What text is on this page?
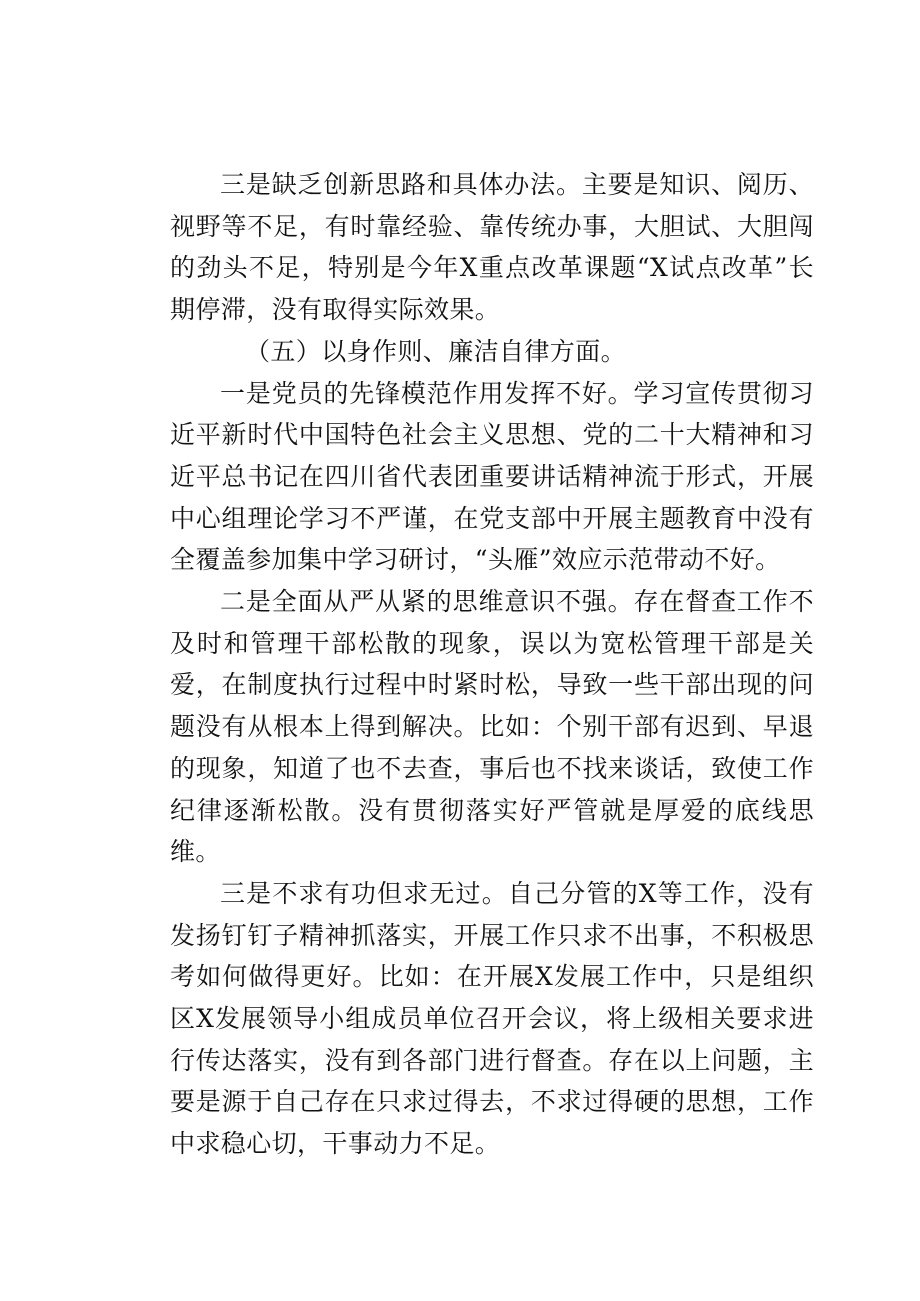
三是缺乏创新思路和具体办法。主要是知识、阅历、视野等不足，有时靠经验、靠传统办事，大胆试、大胆闯的劲头不足，特别是今年X重点改革课题“X试点改革”长期停滞，没有取得实际效果。

（五）以身作则、廉洁自律方面。

一是党员的先锋模范作用发挥不好。学习宣传贯彻习近平新时代中国特色社会主义思想、党的二十大精神和习近平总书记在四川省代表团重要讲话精神流于形式，开展中心组理论学习不严谨，在党支部中开展主题教育中没有全覆盖参加集中学习研讨，“头雁”效应示范带动不好。

二是全面从严从紧的思维意识不强。存在督查工作不及时和管理干部松散的现象，误以为宽松管理干部是关爱，在制度执行过程中时紧时松，导致一些干部出现的问题没有从根本上得到解决。比如：个别干部有迟到、早退的现象，知道了也不去查，事后也不找来谈话，致使工作纪律逐渐松散。没有贯彻落实好严管就是厚爱的底线思维。

三是不求有功但求无过。自己分管的X等工作，没有发扬钉钉子精神抓落实，开展工作只求不出事，不积极思考如何做得更好。比如：在开展X发展工作中，只是组织区X发展领导小组成员单位召开会议，将上级相关要求进行传达落实，没有到各部门进行督查。存在以上问题，主要是源于自己存在只求过得去，不求过得硬的思想，工作中求稳心切，干事动力不足。
